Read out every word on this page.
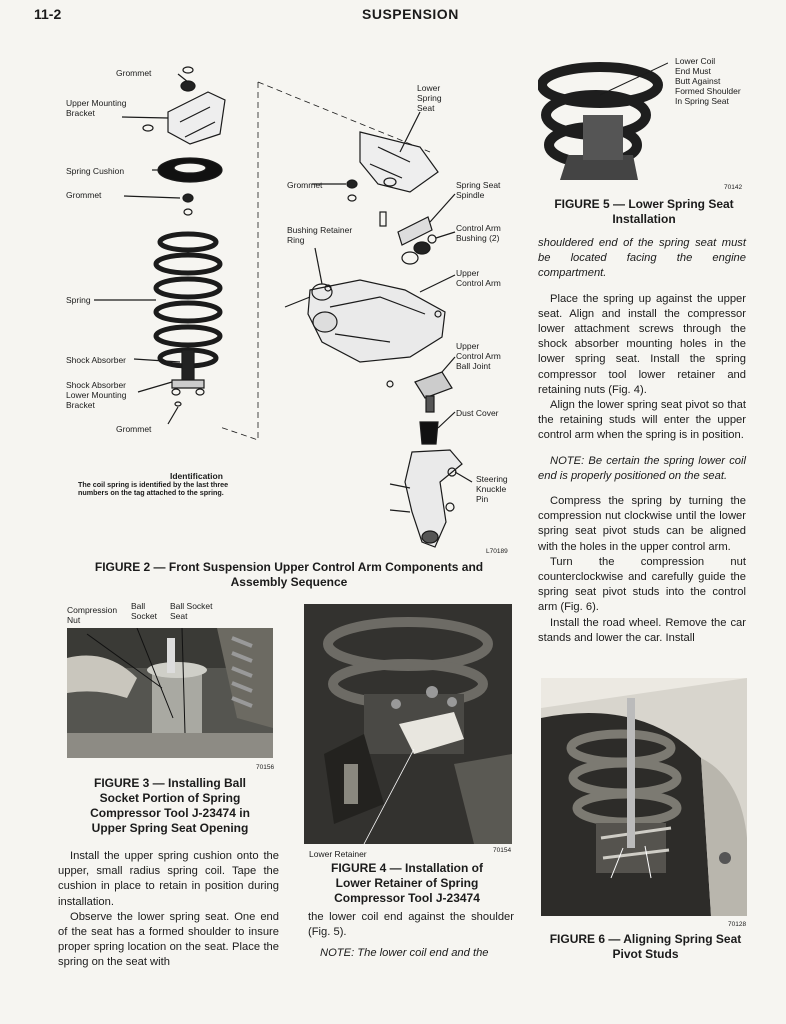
11-2	SUSPENSION
Grommet
Upper Mounting
Bracket
Spring Cushion
Grommet
Spring
Shock Absorber
Shock Absorber
Lower Mounting
Bracket
Grommet
Lower
Spring
Seat
Grommet	Spring Seat
Spindle
Bushing Retainer
Ring
Control Arm
Bushing (2)
Upper
Control Arm
Upper
Control Arm
Ball Joint
Dust Cover
Steering
Knuckle
Pin
Identification
The coil spring is identified by the last three numbers on the tag attached to the spring.
L70189
FIGURE 2 — Front Suspension Upper Control Arm Components and Assembly Sequence
Lower Coil
End Must
Butt Against
Formed Shoulder
In Spring Seat
70142
FIGURE 5 — Lower Spring Seat Installation

shouldered end of the spring seat must be located facing the engine compartment.

Place the spring up against the upper seat. Align and install the compressor lower attachment screws through the shock absorber mounting holes in the lower spring seat. Install the spring compressor tool lower retainer and retaining nuts (Fig. 4).

Align the lower spring seat pivot so that the retaining studs will enter the upper control arm when the spring is in position.

NOTE: Be certain the spring lower coil end is properly positioned on the seat.

Compress the spring by turning the compression nut clockwise until the lower spring seat pivot studs can be aligned with the holes in the upper control arm.

Turn the compression nut counterclockwise and carefully guide the spring seat pivot studs into the control arm (Fig. 6).

Install the road wheel. Remove the car stands and lower the car. Install

Compression
Nut
Ball
Socket
Ball Socket
Seat
70156
FIGURE 3 — Installing Ball Socket Portion of Spring Compressor Tool J-23474 in Upper Spring Seat Opening

Install the upper spring cushion onto the upper, small radius spring coil. Tape the cushion in place to retain in position during installation.

Observe the lower spring seat. One end of the seat has a formed shoulder to insure proper spring location on the seat. Place the spring on the seat with

Lower Retainer	70154
FIGURE 4 — Installation of Lower Retainer of Spring Compressor Tool J-23474

the lower coil end against the shoulder (Fig. 5).

NOTE: The lower coil end and the

70128
FIGURE 6 — Aligning Spring Seat Pivot Studs
